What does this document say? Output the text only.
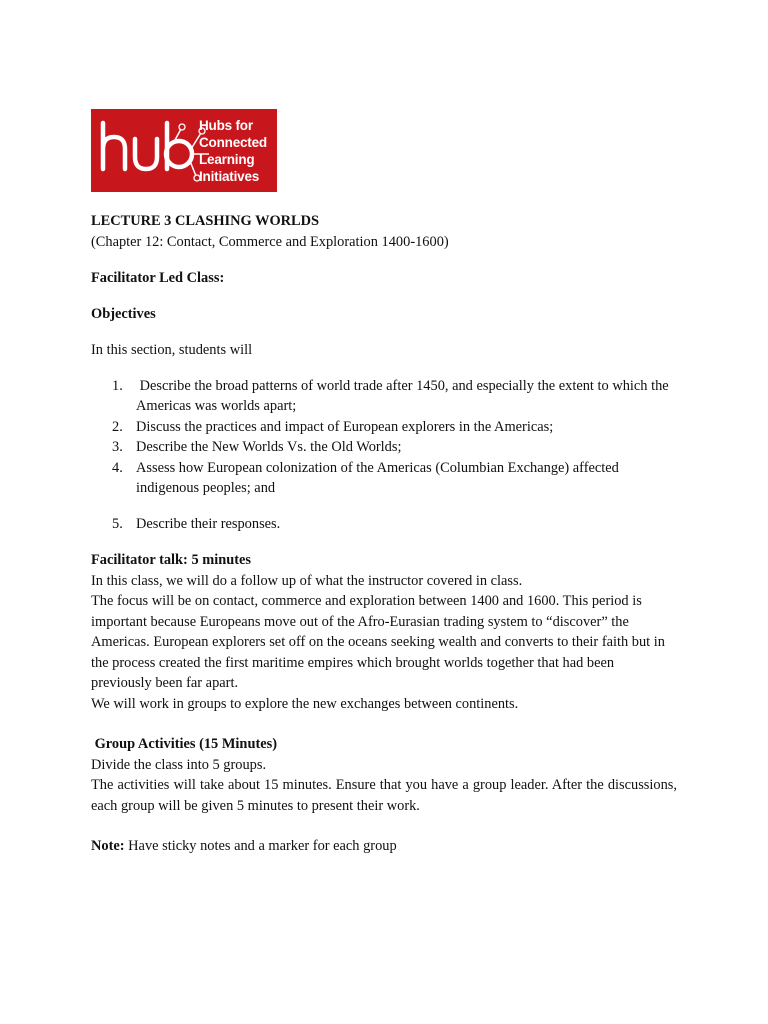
Hubs for
Connected
Learning
Initiatives

LECTURE 3 CLASHING WORLDS

(Chapter 12: Contact, Commerce and Exploration 1400-1600)

Facilitator Led Class:

Objectives

In this section, students will

1. Describe the broad patterns of world trade after 1450, and especially the extent to which the Americas was worlds apart;
2. Discuss the practices and impact of European explorers in the Americas;
3. Describe the New Worlds Vs. the Old Worlds;
4. Assess how European colonization of the Americas (Columbian Exchange) affected indigenous peoples; and
5. Describe their responses.

Facilitator talk: 5 minutes

In this class, we will do a follow up of what the instructor covered in class.

The focus will be on contact, commerce and exploration between 1400 and 1600. This period is important because Europeans move out of the Afro-Eurasian trading system to “discover” the Americas. European explorers set off on the oceans seeking wealth and converts to their faith but in the process created the first maritime empires which brought worlds together that had been previously been far apart.

We will work in groups to explore the new exchanges between continents.

Group Activities (15 Minutes)

Divide the class into 5 groups.

The activities will take about 15 minutes. Ensure that you have a group leader. After the discussions, each group will be given 5 minutes to present their work.

Note: Have sticky notes and a marker for each group
